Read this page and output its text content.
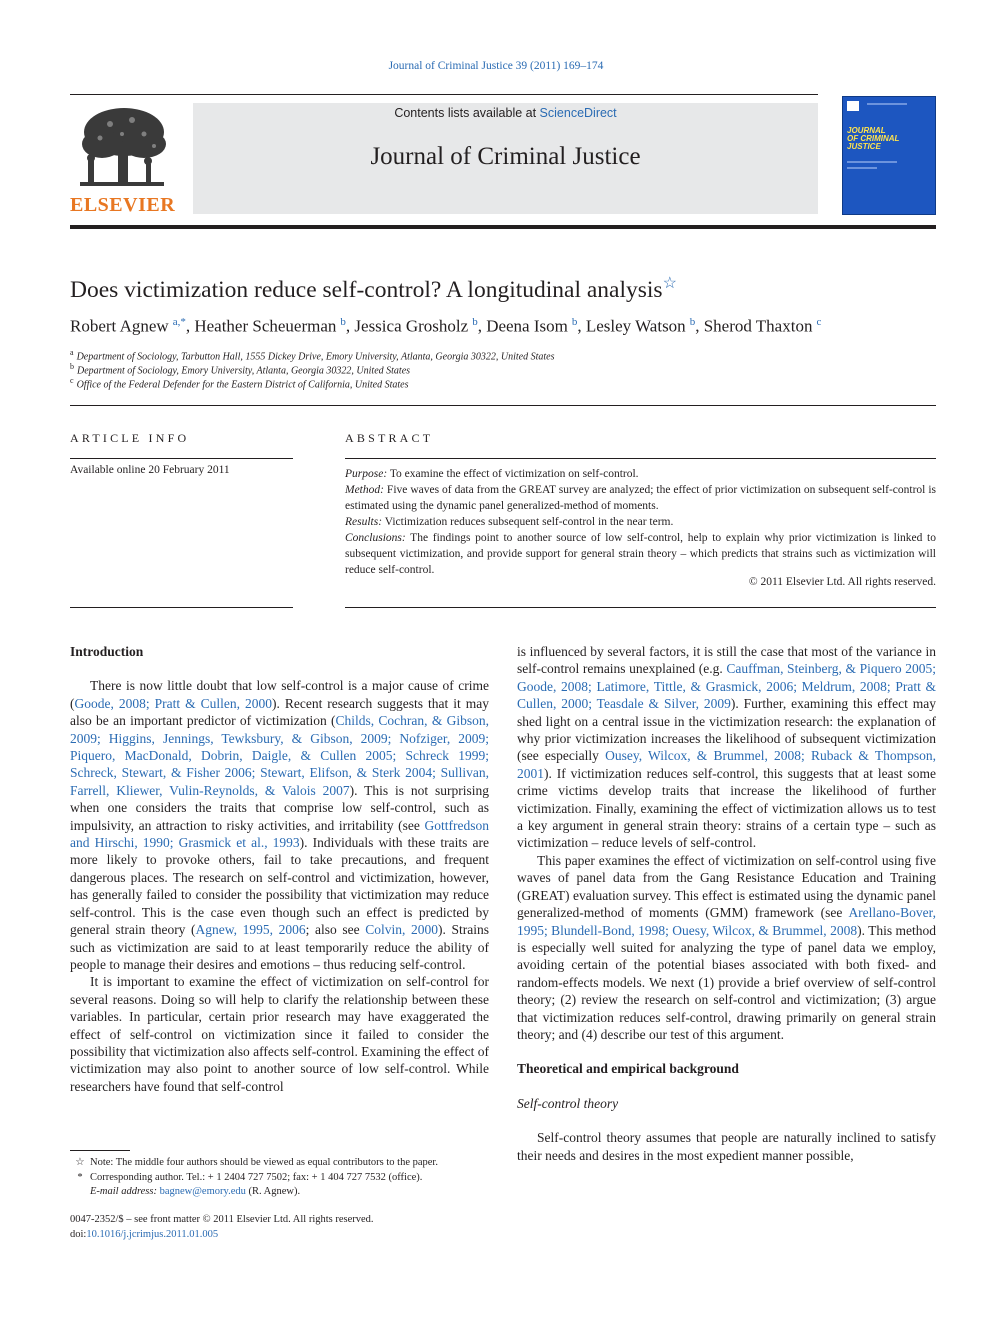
Journal of Criminal Justice 39 (2011) 169–174
ELSEVIER
Contents lists available at ScienceDirect
Journal of Criminal Justice
JOURNAL
OF CRIMINAL
JUSTICE
Does victimization reduce self-control? A longitudinal analysis☆
Robert Agnew $^{a,*}$, Heather Scheuerman $^b$, Jessica Grosholz $^b$, Deena Isom $^b$, Lesley Watson $^b$, Sherod Thaxton $^c$
$^a$ Department of Sociology, Tarbutton Hall, 1555 Dickey Drive, Emory University, Atlanta, Georgia 30322, United States
$^b$ Department of Sociology, Emory University, Atlanta, Georgia 30322, United States
$^c$ Office of the Federal Defender for the Eastern District of California, United States
ARTICLE INFO
Available online 20 February 2011
ABSTRACT

Purpose: To examine the effect of victimization on self-control.

Method: Five waves of data from the GREAT survey are analyzed; the effect of prior victimization on subsequent self-control is estimated using the dynamic panel generalized-method of moments.

Results: Victimization reduces subsequent self-control in the near term.

Conclusions: The findings point to another source of low self-control, help to explain why prior victimization is linked to subsequent victimization, and provide support for general strain theory – which predicts that strains such as victimization will reduce self-control.

© 2011 Elsevier Ltd. All rights reserved.
Introduction

There is now little doubt that low self-control is a major cause of crime (Goode, 2008; Pratt & Cullen, 2000). Recent research suggests that it may also be an important predictor of victimization (Childs, Cochran, & Gibson, 2009; Higgins, Jennings, Tewksbury, & Gibson, 2009; Nofziger, 2009; Piquero, MacDonald, Dobrin, Daigle, & Cullen 2005; Schreck 1999; Schreck, Stewart, & Fisher 2006; Stewart, Elifson, & Sterk 2004; Sullivan, Farrell, Kliewer, Vulin-Reynolds, & Valois 2007). This is not surprising when one considers the traits that comprise low self-control, such as impulsivity, an attraction to risky activities, and irritability (see Gottfredson and Hirschi, 1990; Grasmick et al., 1993). Individuals with these traits are more likely to provoke others, fail to take precautions, and frequent dangerous places. The research on self-control and victimization, however, has generally failed to consider the possibility that victimization may reduce self-control. This is the case even though such an effect is predicted by general strain theory (Agnew, 1995, 2006; also see Colvin, 2000). Strains such as victimization are said to at least temporarily reduce the ability of people to manage their desires and emotions – thus reducing self-control.

It is important to examine the effect of victimization on self-control for several reasons. Doing so will help to clarify the relationship between these variables. In particular, certain prior research may have exaggerated the effect of self-control on victimization since it failed to consider the possibility that victimization also affects self-control. Examining the effect of victimization may also point to another source of low self-control. While researchers have found that self-control

☆ Note: The middle four authors should be viewed as equal contributors to the paper.
* Corresponding author. Tel.: + 1 2404 727 7502; fax: + 1 404 727 7532 (office).
E-mail address: bagnew@emory.edu (R. Agnew).
0047-2352/$ – see front matter © 2011 Elsevier Ltd. All rights reserved.
doi:10.1016/j.jcrimjus.2011.01.005

is influenced by several factors, it is still the case that most of the variance in self-control remains unexplained (e.g. Cauffman, Steinberg, & Piquero 2005; Goode, 2008; Latimore, Tittle, & Grasmick, 2006; Meldrum, 2008; Pratt & Cullen, 2000; Teasdale & Silver, 2009). Further, examining this effect may shed light on a central issue in the victimization research: the explanation of why prior victimization increases the likelihood of subsequent victimization (see especially Ousey, Wilcox, & Brummel, 2008; Ruback & Thompson, 2001). If victimization reduces self-control, this suggests that at least some crime victims develop traits that increase the likelihood of further victimization. Finally, examining the effect of victimization allows us to test a key argument in general strain theory: strains of a certain type – such as victimization – reduce levels of self-control.

This paper examines the effect of victimization on self-control using five waves of panel data from the Gang Resistance Education and Training (GREAT) evaluation survey. This effect is estimated using the dynamic panel generalized-method of moments (GMM) framework (see Arellano-Bover, 1995; Blundell-Bond, 1998; Ouesy, Wilcox, & Brummel, 2008). This method is especially well suited for analyzing the type of panel data we employ, avoiding certain of the potential biases associated with both fixed- and random-effects models. We next (1) provide a brief overview of self-control theory; (2) review the research on self-control and victimization; (3) argue that victimization reduces self-control, drawing primarily on general strain theory; and (4) describe our test of this argument.

Theoretical and empirical background
Self-control theory

Self-control theory assumes that people are naturally inclined to satisfy their needs and desires in the most expedient manner possible,
